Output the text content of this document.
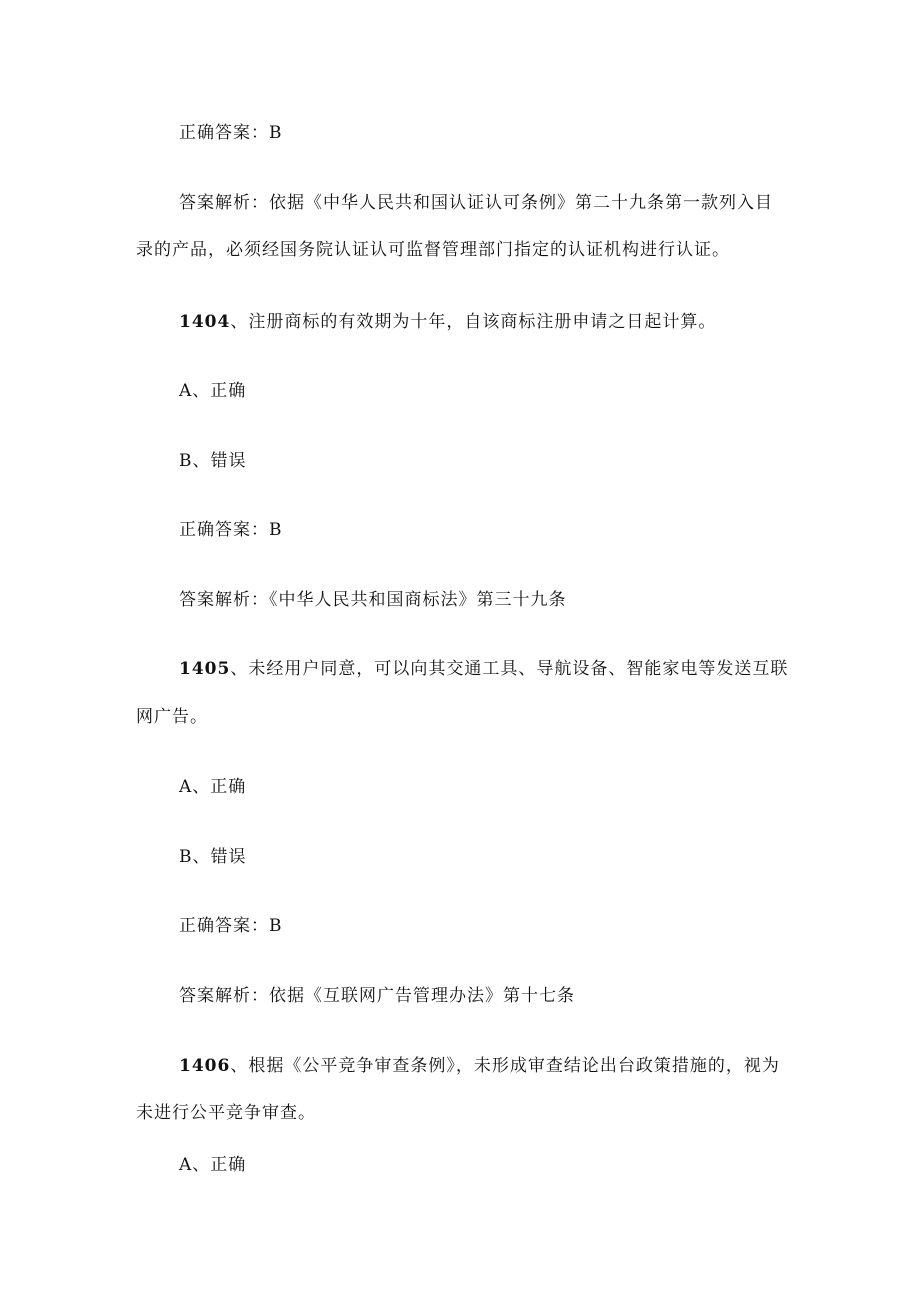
正确答案：B
答案解析：依据《中华人民共和国认证认可条例》第二十九条第一款列入目
录的产品，必须经国务院认证认可监督管理部门指定的认证机构进行认证。
1404、注册商标的有效期为十年，自该商标注册申请之日起计算。
A、正确
B、错误
正确答案：B
答案解析：《中华人民共和国商标法》第三十九条
1405、未经用户同意，可以向其交通工具、导航设备、智能家电等发送互联
网广告。
A、正确
B、错误
正确答案：B
答案解析：依据《互联网广告管理办法》第十七条
1406、根据《公平竞争审查条例》，未形成审查结论出台政策措施的，视为
未进行公平竞争审查。
A、正确
